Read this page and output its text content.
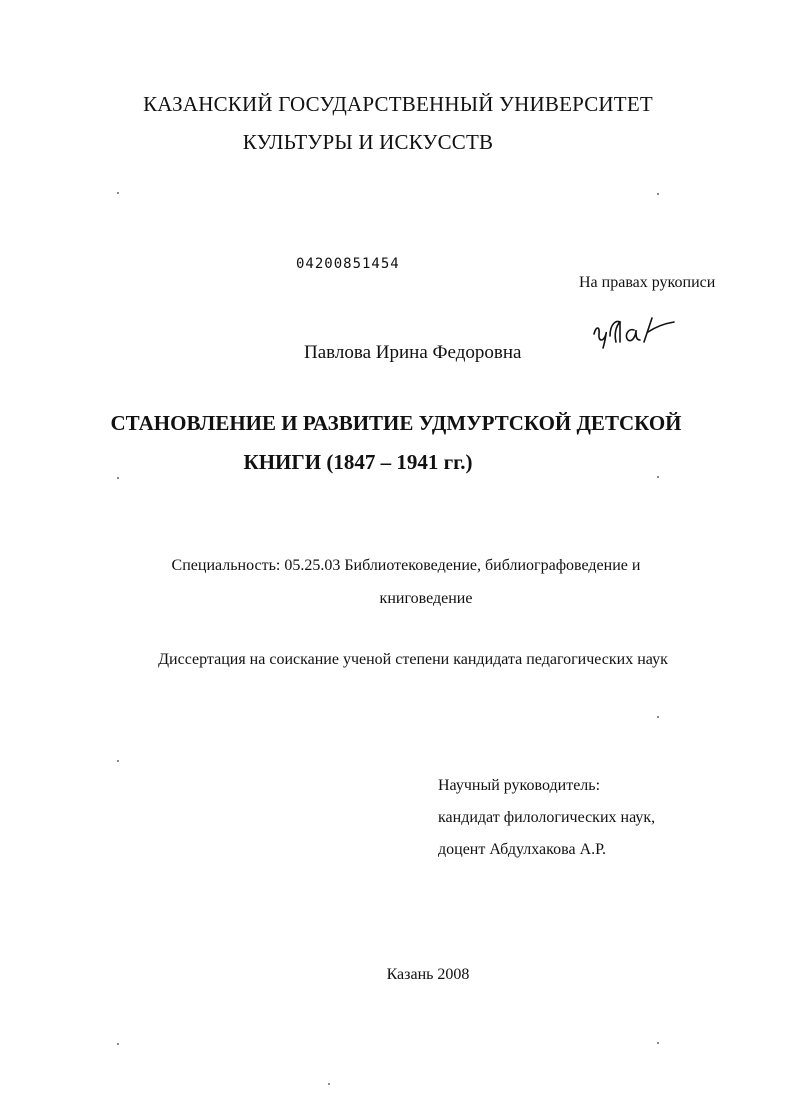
КАЗАНСКИЙ ГОСУДАРСТВЕННЫЙ УНИВЕРСИТЕТ
КУЛЬТУРЫ И ИСКУССТВ
04200851454
На правах рукописи
Павлова Ирина Федоровна
СТАНОВЛЕНИЕ И РАЗВИТИЕ УДМУРТСКОЙ ДЕТСКОЙ
КНИГИ (1847 – 1941 гг.)
Специальность: 05.25.03 Библиотековедение, библиографоведение и
книговедение
Диссертация на соискание ученой степени кандидата педагогических наук
Научный руководитель:
кандидат филологических наук,
доцент Абдулхакова А.Р.
Казань 2008
